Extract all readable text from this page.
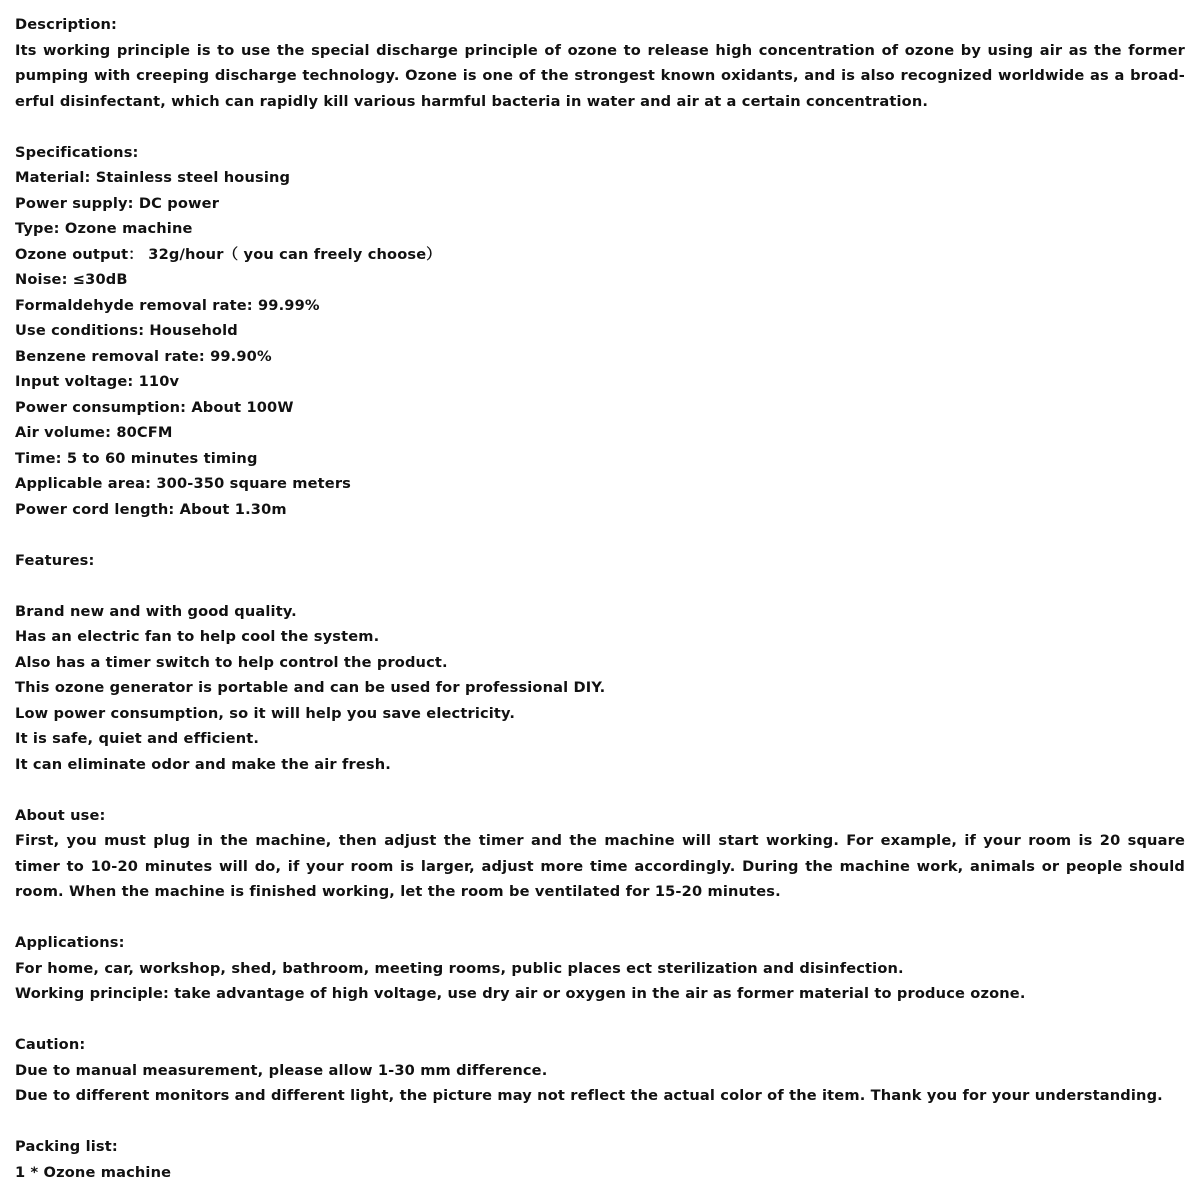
Description:
Its working principle is to use the special discharge principle of ozone to release high concentration of ozone by using air as the former
pumping with creeping discharge technology. Ozone is one of the strongest known oxidants, and is also recognized worldwide as a broad-
erful disinfectant, which can rapidly kill various harmful bacteria in water and air at a certain concentration.
Specifications:
Material: Stainless steel housing
Power supply: DC power
Type: Ozone machine
Ozone output： 32g/hour（ you can freely choose）
Noise: ≤30dB
Formaldehyde removal rate: 99.99%
Use conditions: Household
Benzene removal rate: 99.90%
Input voltage: 110v
Power consumption: About 100W
Air volume: 80CFM
Time: 5 to 60 minutes timing
Applicable area: 300-350 square meters
Power cord length: About 1.30m
Features:
Brand new and with good quality.
Has an electric fan to help cool the system.
Also has a timer switch to help control the product.
This ozone generator is portable and can be used for professional DIY.
Low power consumption, so it will help you save electricity.
It is safe, quiet and efficient.
It can eliminate odor and make the air fresh.
About use:
First, you must plug in the machine, then adjust the timer and the machine will start working. For example, if your room is 20 square
timer to 10-20 minutes will do, if your room is larger, adjust more time accordingly. During the machine work, animals or people should
room. When the machine is finished working, let the room be ventilated for 15-20 minutes.
Applications:
For home, car, workshop, shed, bathroom, meeting rooms, public places ect sterilization and disinfection.
Working principle: take advantage of high voltage, use dry air or oxygen in the air as former material to produce ozone.
Caution:
Due to manual measurement, please allow 1-30 mm difference.
Due to different monitors and different light, the picture may not reflect the actual color of the item. Thank you for your understanding.
Packing list:
1 * Ozone machine
